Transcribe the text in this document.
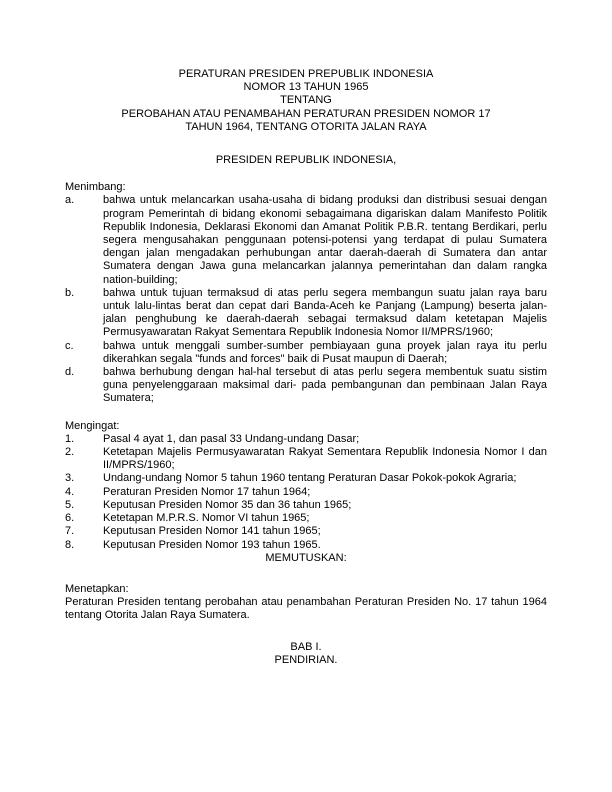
PERATURAN PRESIDEN PREPUBLIK INDONESIA
NOMOR 13 TAHUN 1965
TENTANG
PEROBAHAN ATAU PENAMBAHAN PERATURAN PRESIDEN NOMOR 17
TAHUN 1964, TENTANG OTORITA JALAN RAYA
PRESIDEN REPUBLIK INDONESIA,
Menimbang:
a.	bahwa untuk melancarkan usaha-usaha di bidang produksi dan distribusi sesuai dengan program Pemerintah di bidang ekonomi sebagaimana digariskan dalam Manifesto Politik Republik Indonesia, Deklarasi Ekonomi dan Amanat Politik P.B.R. tentang Berdikari, perlu segera mengusahakan penggunaan potensi-potensi yang terdapat di pulau Sumatera dengan jalan mengadakan perhubungan antar daerah-daerah di Sumatera dan antar Sumatera dengan Jawa guna melancarkan jalannya pemerintahan dan dalam rangka nation-building;
b.	bahwa untuk tujuan termaksud di atas perlu segera membangun suatu jalan raya baru untuk lalu-lintas berat dan cepat dari Banda-Aceh ke Panjang (Lampung) beserta jalan-jalan penghubung ke daerah-daerah sebagai termaksud dalam ketetapan Majelis Permusyawaratan Rakyat Sementara Republik Indonesia Nomor II/MPRS/1960;
c.	bahwa untuk menggali sumber-sumber pembiayaan guna proyek jalan raya itu perlu dikerahkan segala "funds and forces" baik di Pusat maupun di Daerah;
d.	bahwa berhubung dengan hal-hal tersebut di atas perlu segera membentuk suatu sistim guna penyelenggaraan maksimal dari- pada pembangunan dan pembinaan Jalan Raya Sumatera;
Mengingat:
1.	Pasal 4 ayat 1, dan pasal 33 Undang-undang Dasar;
2.	Ketetapan Majelis Permusyawaratan Rakyat Sementara Republik Indonesia Nomor I dan II/MPRS/1960;
3.	Undang-undang Nomor 5 tahun 1960 tentang Peraturan Dasar Pokok-pokok Agraria;
4.	Peraturan Presiden Nomor 17 tahun 1964;
5.	Keputusan Presiden Nomor 35 dan 36 tahun 1965;
6.	Ketetapan M.P.R.S. Nomor VI tahun 1965;
7.	Keputusan Presiden Nomor 141 tahun 1965;
8.	Keputusan Presiden Nomor 193 tahun 1965.
MEMUTUSKAN:
Menetapkan:
Peraturan Presiden tentang perobahan atau penambahan Peraturan Presiden No. 17 tahun 1964 tentang Otorita Jalan Raya Sumatera.
BAB I.
PENDIRIAN.
